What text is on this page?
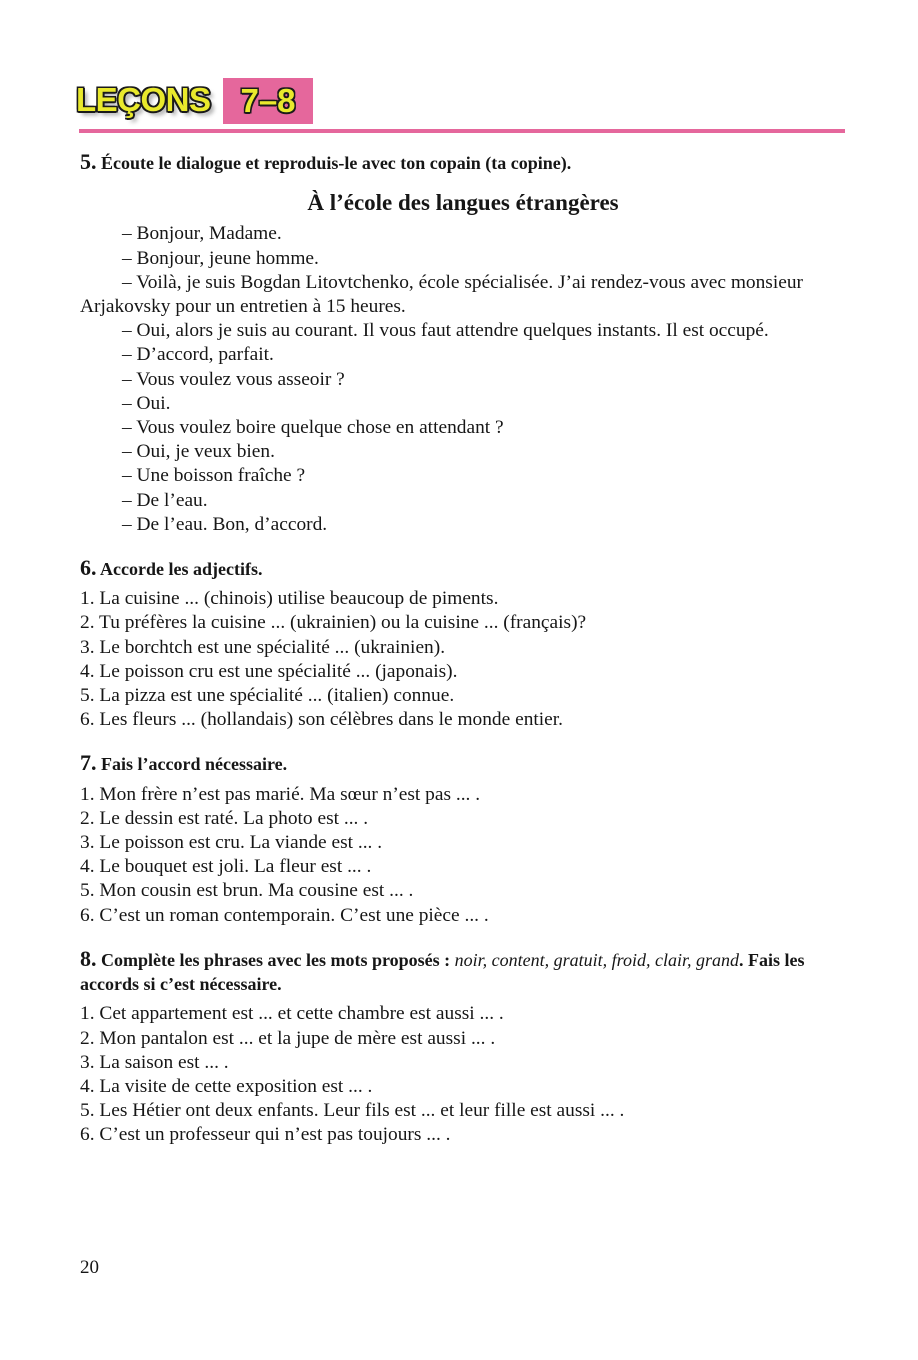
LEÇONS 7–8
5. Écoute le dialogue et reproduis-le avec ton copain (ta copine).
À l’école des langues étrangères
– Bonjour, Madame.
– Bonjour, jeune homme.
– Voilà, je suis Bogdan Litovtchenko, école spécialisée. J’ai rendez-vous avec monsieur Arjakovsky pour un entretien à 15 heures.
– Oui, alors je suis au courant. Il vous faut attendre quelques instants. Il est occupé.
– D’accord, parfait.
– Vous voulez vous asseoir ?
– Oui.
– Vous voulez boire quelque chose en attendant ?
– Oui, je veux bien.
– Une boisson fraîche ?
– De l’eau.
– De l’eau. Bon, d’accord.
6. Accorde les adjectifs.
1. La cuisine ... (chinois) utilise beaucoup de piments.
2. Tu préfères la cuisine ... (ukrainien) ou la cuisine ... (français)?
3. Le borchtch est une spécialité ... (ukrainien).
4. Le poisson cru est une spécialité ... (japonais).
5. La pizza est une spécialité ... (italien) connue.
6. Les fleurs ... (hollandais) son célèbres dans le monde entier.
7. Fais l’accord nécessaire.
1. Mon frère n’est pas marié. Ma sœur n’est pas ... .
2. Le dessin est raté. La photo est ... .
3. Le poisson est cru. La viande est ... .
4. Le bouquet est joli. La fleur est ... .
5. Mon cousin est brun. Ma cousine est ... .
6. C’est un roman contemporain. C’est une pièce ... .
8. Complète les phrases avec les mots proposés : noir, content, gratuit, froid, clair, grand. Fais les accords si c’est nécessaire.
1. Cet appartement est ... et cette chambre est aussi ... .
2. Mon pantalon est ... et la jupe de mère est aussi ... .
3. La saison est ... .
4. La visite de cette exposition est ... .
5. Les Hétier ont deux enfants. Leur fils est ... et leur fille est aussi ... .
6. C’est un professeur qui n’est pas toujours ... .
20
